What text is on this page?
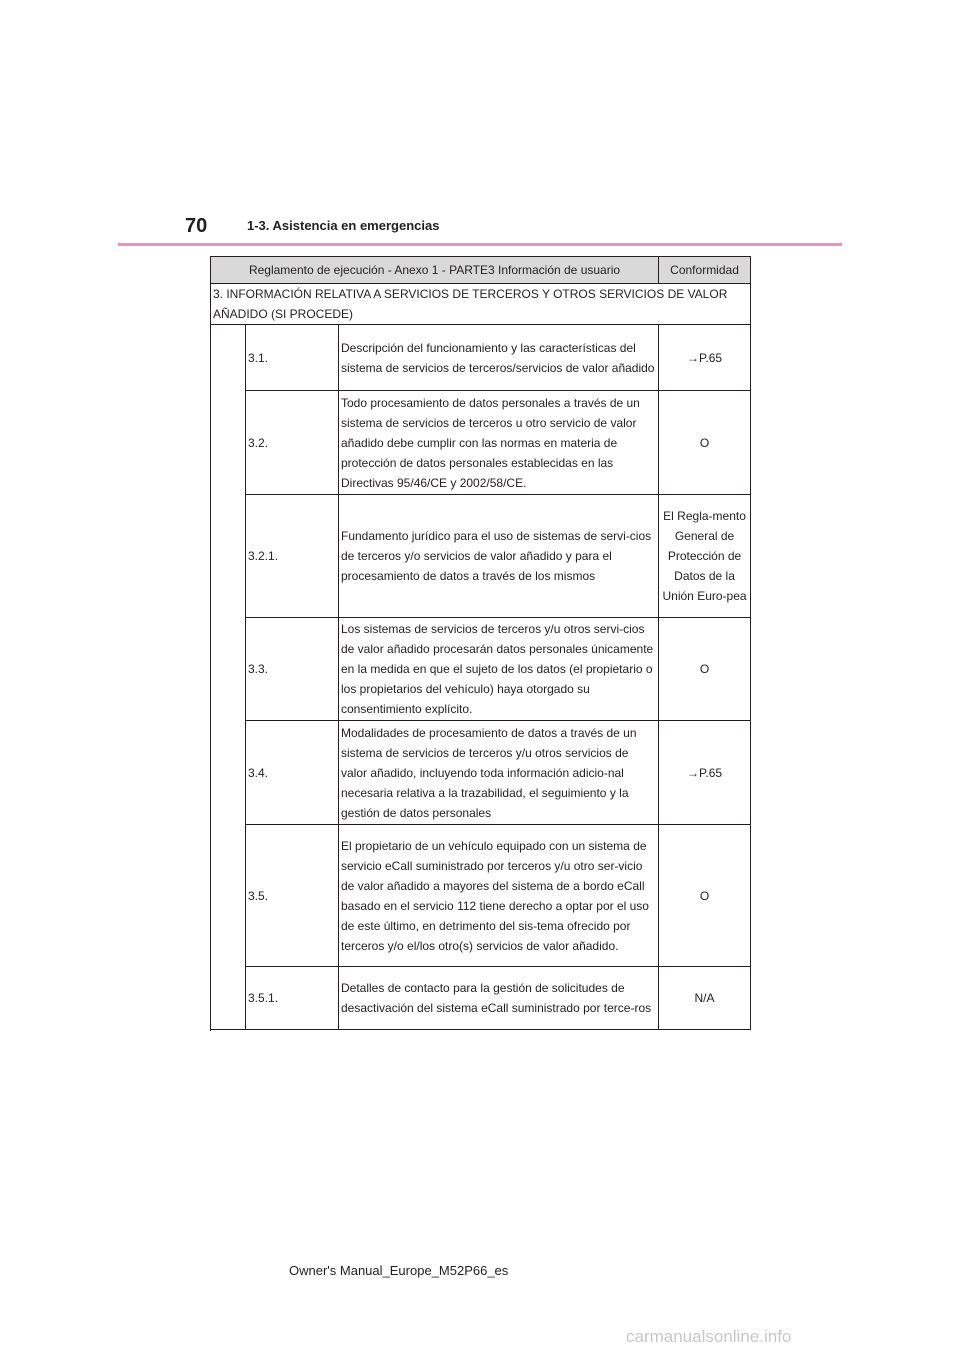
70	1-3. Asistencia en emergencias
Reglamento de ejecución - Anexo 1 - PARTE3 Información de usuario			Conformidad
3. INFORMACIÓN RELATIVA A SERVICIOS DE TERCEROS Y OTROS SERVICIOS DE VALOR AÑADIDO (SI PROCEDE)			
	3.1.	Descripción del funcionamiento y las características del sistema de servicios de terceros/servicios de valor añadido	→P.65
	3.2.	Todo procesamiento de datos personales a través de un sistema de servicios de terceros u otro servicio de valor añadido debe cumplir con las normas en materia de protección de datos personales establecidas en las Directivas 95/46/CE y 2002/58/CE.	O
	3.2.1.	Fundamento jurídico para el uso de sistemas de servi-cios de terceros y/o servicios de valor añadido y para el procesamiento de datos a través de los mismos	El Regla-mento General de Protección de Datos de la Unión Euro-pea
	3.3.	Los sistemas de servicios de terceros y/u otros servi-cios de valor añadido procesarán datos personales únicamente en la medida en que el sujeto de los datos (el propietario o los propietarios del vehículo) haya otorgado su consentimiento explícito.	O
	3.4.	Modalidades de procesamiento de datos a través de un sistema de servicios de terceros y/u otros servicios de valor añadido, incluyendo toda información adicio-nal necesaria relativa a la trazabilidad, el seguimiento y la gestión de datos personales	→P.65
	3.5.	El propietario de un vehículo equipado con un sistema de servicio eCall suministrado por terceros y/u otro ser-vicio de valor añadido a mayores del sistema de a bordo eCall basado en el servicio 112 tiene derecho a optar por el uso de este último, en detrimento del sis-tema ofrecido por terceros y/o el/los otro(s) servicios de valor añadido.	O
	3.5.1.	Detalles de contacto para la gestión de solicitudes de desactivación del sistema eCall suministrado por terce-ros	N/A

Owner's Manual_Europe_M52P66_es
carmanualsonline.info
